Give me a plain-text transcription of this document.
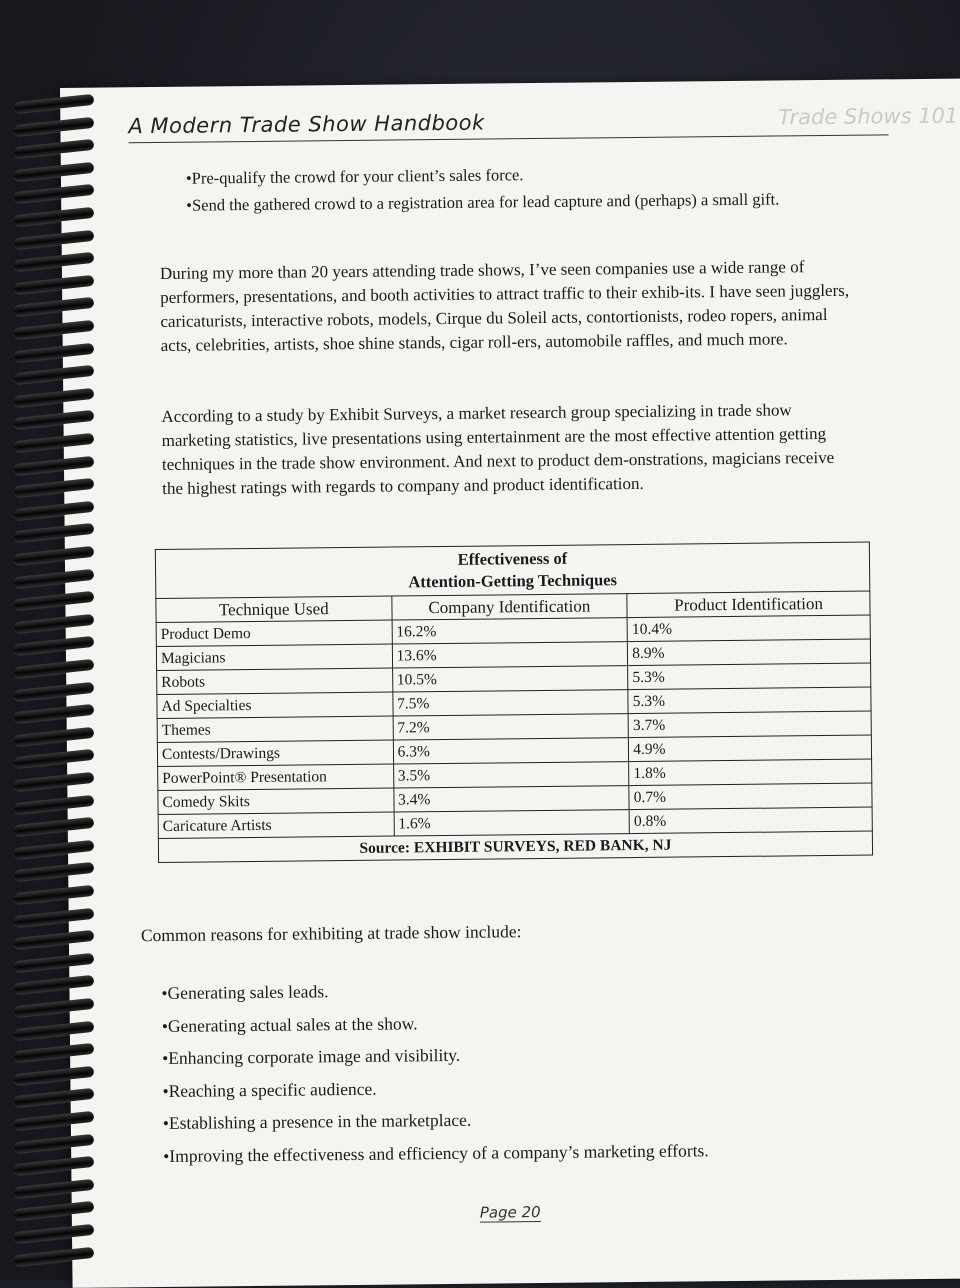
A Modern Trade Show Handbook	Trade Shows 101
•Pre-qualify the crowd for your client’s sales force.
•Send the gathered crowd to a registration area for lead capture and (perhaps) a small gift.
During my more than 20 years attending trade shows, I’ve seen companies use a wide range of performers, presentations, and booth activities to attract traffic to their exhib-its. I have seen jugglers, caricaturists, interactive robots, models, Cirque du Soleil acts, contortionists, rodeo ropers, animal acts, celebrities, artists, shoe shine stands, cigar roll-ers, automobile raffles, and much more.
According to a study by Exhibit Surveys, a market research group specializing in trade show marketing statistics, live presentations using entertainment are the most effective attention getting techniques in the trade show environment. And next to product dem-onstrations, magicians receive the highest ratings with regards to company and product identification.
Effectiveness of
Attention-Getting Techniques		

Technique Used	Company Identification	Product Identification
Product Demo	16.2%	10.4%
Magicians	13.6%	8.9%
Robots	10.5%	5.3%
Ad Specialties	7.5%	5.3%
Themes	7.2%	3.7%
Contests/Drawings	6.3%	4.9%
PowerPoint® Presentation	3.5%	1.8%
Comedy Skits	3.4%	0.7%
Caricature Artists	1.6%	0.8%
Source: EXHIBIT SURVEYS, RED BANK, NJ		
Common reasons for exhibiting at trade show include:
•Generating sales leads.
•Generating actual sales at the show.
•Enhancing corporate image and visibility.
•Reaching a specific audience.
•Establishing a presence in the marketplace.
•Improving the effectiveness and efficiency of a company’s marketing efforts.
Page 20
